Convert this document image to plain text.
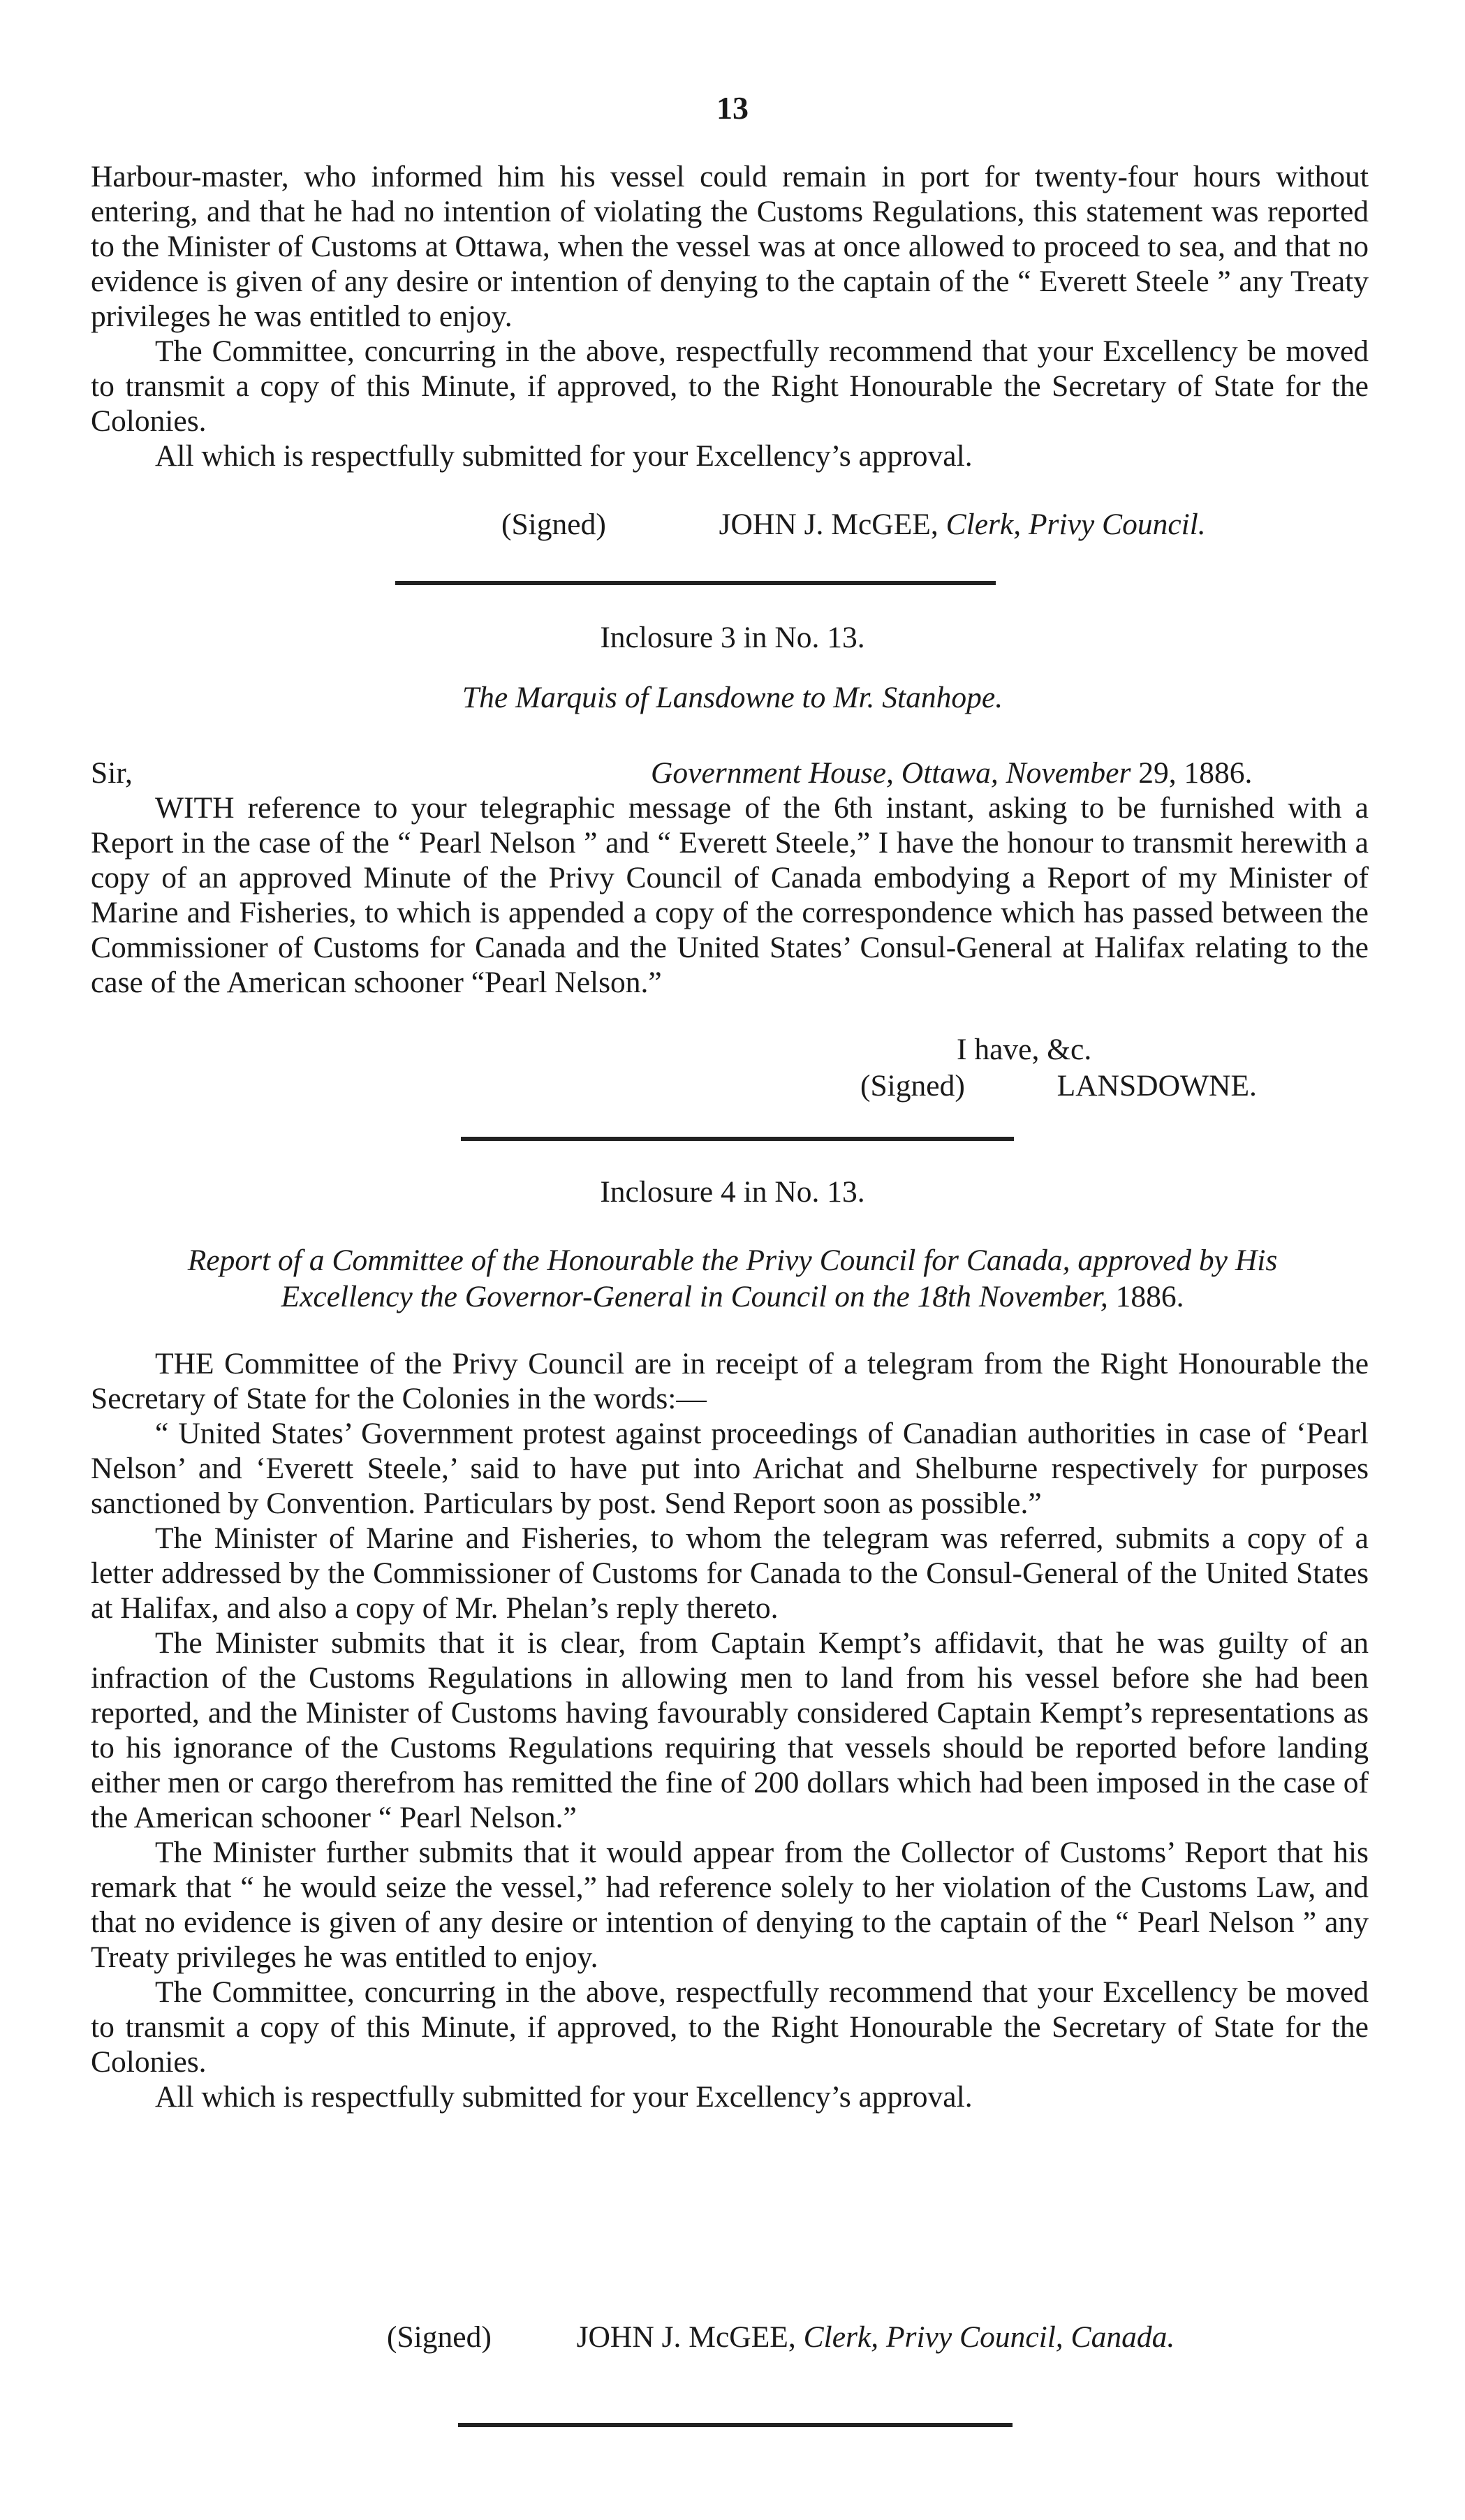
13

Harbour-master, who informed him his vessel could remain in port for twenty-four hours without entering, and that he had no intention of violating the Customs Regulations, this statement was reported to the Minister of Customs at Ottawa, when the vessel was at once allowed to proceed to sea, and that no evidence is given of any desire or intention of denying to the captain of the “ Everett Steele ” any Treaty privileges he was entitled to enjoy.

The Committee, concurring in the above, respectfully recommend that your Excellency be moved to transmit a copy of this Minute, if approved, to the Right Honourable the Secretary of State for the Colonies.

All which is respectfully submitted for your Excellency’s approval.

(Signed)	JOHN J. McGEE, Clerk, Privy Council.
Inclosure 3 in No. 13.
The Marquis of Lansdowne to Mr. Stanhope.
Sir,	Government House, Ottawa, November 29, 1886.

WITH reference to your telegraphic message of the 6th instant, asking to be furnished with a Report in the case of the “ Pearl Nelson ” and “ Everett Steele,” I have the honour to transmit herewith a copy of an approved Minute of the Privy Council of Canada embodying a Report of my Minister of Marine and Fisheries, to which is appended a copy of the correspondence which has passed between the Commissioner of Customs for Canada and the United States’ Consul-General at Halifax relating to the case of the American schooner “Pearl Nelson.”

I have, &c.
(Signed)	LANSDOWNE.
Inclosure 4 in No. 13.
Report of a Committee of the Honourable the Privy Council for Canada, approved by His
Excellency the Governor-General in Council on the 18th November, 1886.

THE Committee of the Privy Council are in receipt of a telegram from the Right Honourable the Secretary of State for the Colonies in the words:—

“ United States’ Government protest against proceedings of Canadian authorities in case of ‘Pearl Nelson’ and ‘Everett Steele,’ said to have put into Arichat and Shelburne respectively for purposes sanctioned by Convention. Particulars by post. Send Report soon as possible.”

The Minister of Marine and Fisheries, to whom the telegram was referred, submits a copy of a letter addressed by the Commissioner of Customs for Canada to the Consul-General of the United States at Halifax, and also a copy of Mr. Phelan’s reply thereto.

The Minister submits that it is clear, from Captain Kempt’s affidavit, that he was guilty of an infraction of the Customs Regulations in allowing men to land from his vessel before she had been reported, and the Minister of Customs having favourably considered Captain Kempt’s representations as to his ignorance of the Customs Regulations requiring that vessels should be reported before landing either men or cargo therefrom has remitted the fine of 200 dollars which had been imposed in the case of the American schooner “ Pearl Nelson.”

The Minister further submits that it would appear from the Collector of Customs’ Report that his remark that “ he would seize the vessel,” had reference solely to her violation of the Customs Law, and that no evidence is given of any desire or intention of denying to the captain of the “ Pearl Nelson ” any Treaty privileges he was entitled to enjoy.

The Committee, concurring in the above, respectfully recommend that your Excellency be moved to transmit a copy of this Minute, if approved, to the Right Honourable the Secretary of State for the Colonies.

All which is respectfully submitted for your Excellency’s approval.

(Signed)	JOHN J. McGEE, Clerk, Privy Council, Canada.
